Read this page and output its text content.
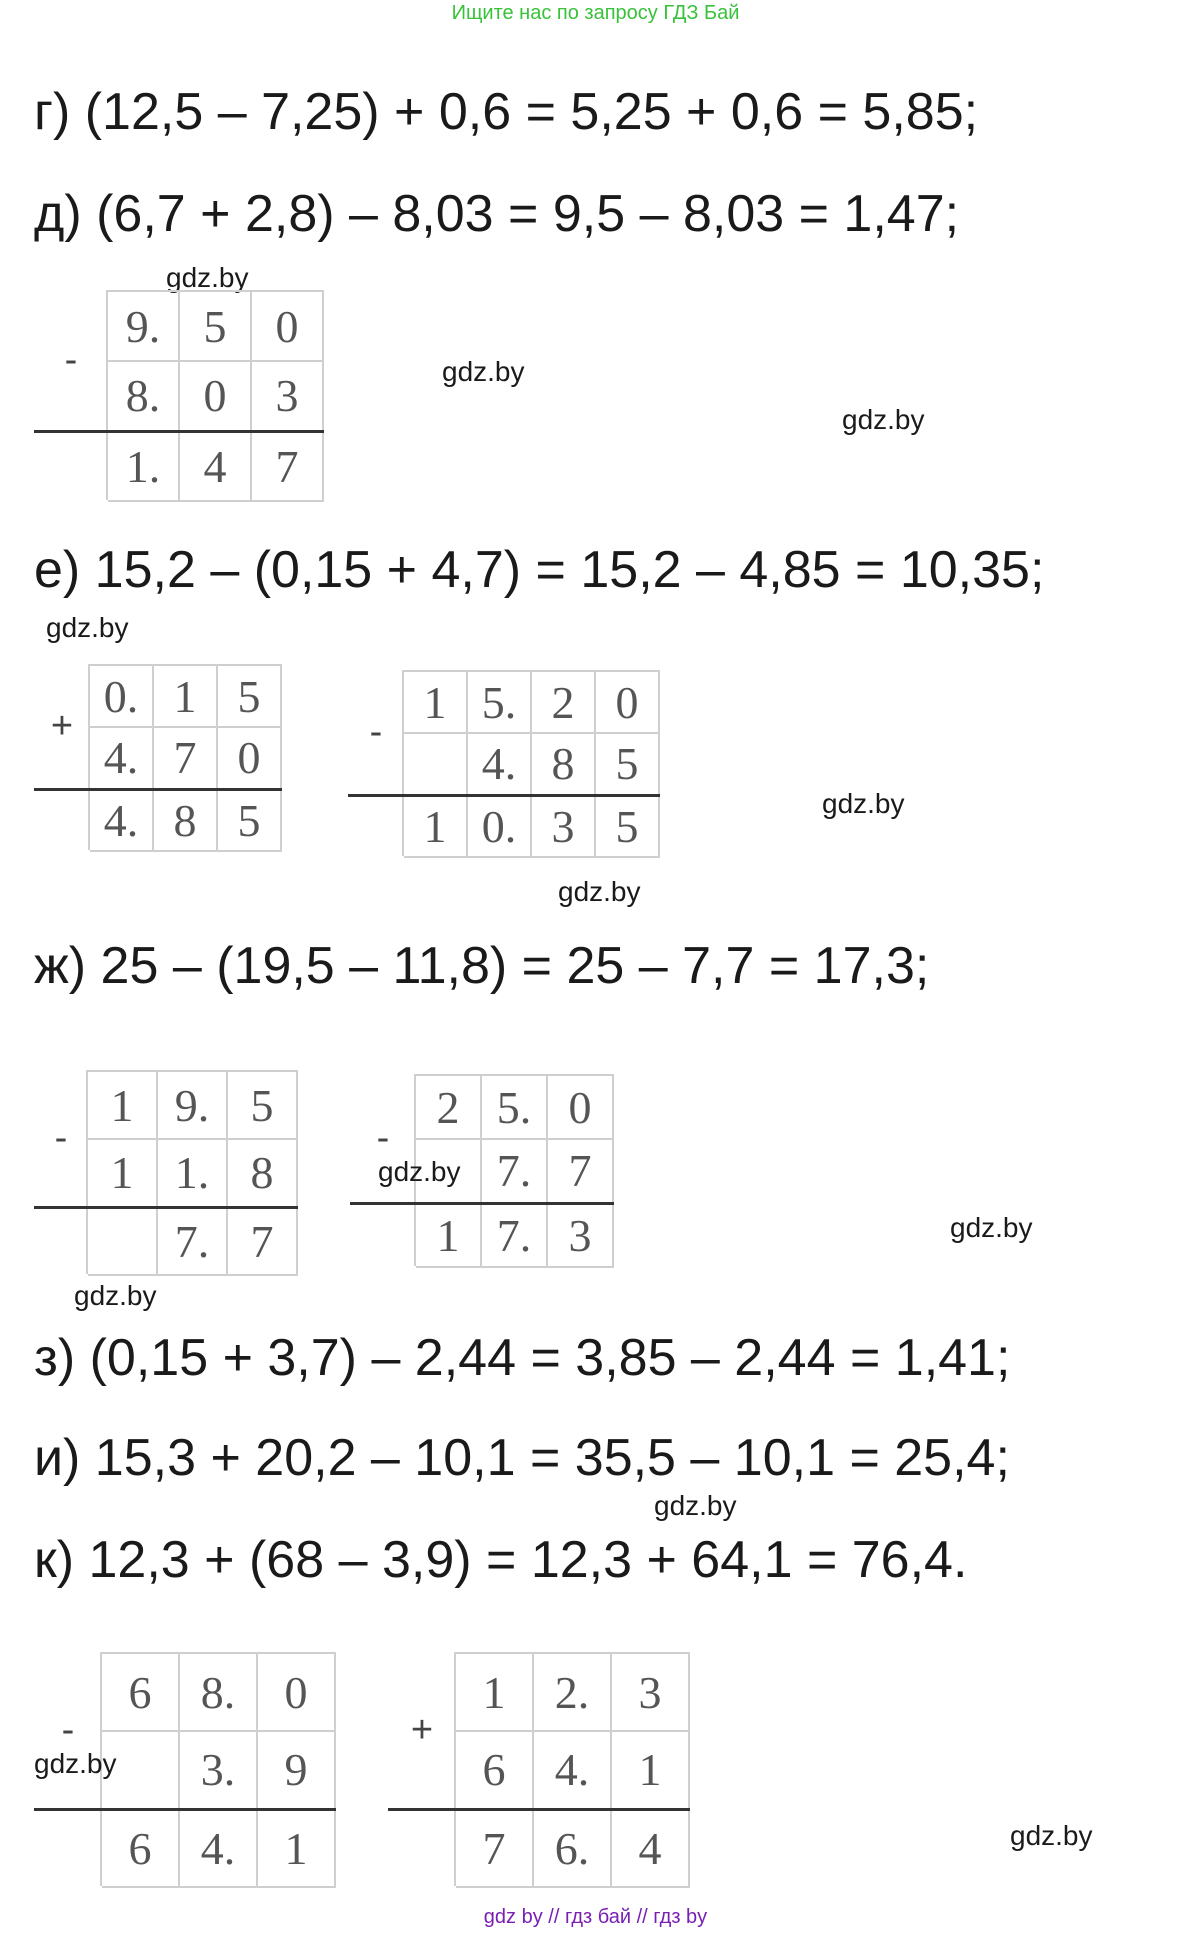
Ищите нас по запросу ГДЗ Бай
г) (12,5 – 7,25) + 0,6 = 5,25 + 0,6 = 5,85;
д) (6,7 + 2,8) – 8,03 = 9,5 – 8,03 = 1,47;
е) 15,2 – (0,15 + 4,7) = 15,2 – 4,85 = 10,35;
ж) 25 – (19,5 – 11,8) = 25 – 7,7 = 17,3;
з) (0,15 + 3,7) – 2,44 = 3,85 – 2,44 = 1,41;
и) 15,3 + 20,2 – 10,1 = 35,5 – 10,1 = 25,4;
к) 12,3 + (68 – 3,9) = 12,3 + 64,1 = 76,4.
gdz.by
gdz.by
gdz.by
gdz.by
gdz.by
gdz.by
gdz.by
gdz.by
gdz.by
gdz.by
-	9.	5	0
	8.	0	3
	1.	4	7
+	0.	1	5
	4.	7	0
	4.	8	5
-	1	5.	2	0
		4.	8	5
	1	0.	3	5
-	1	9.	5
	1	1.	8
		7.	7
-	2	5.	0
		7.	7
	1	7.	3
gdz.by
-	6	8.	0
		3.	9
	6	4.	1
gdz.by
+	1	2.	3
	6	4.	1
	7	6.	4
gdz by // гдз бай // гдз by
